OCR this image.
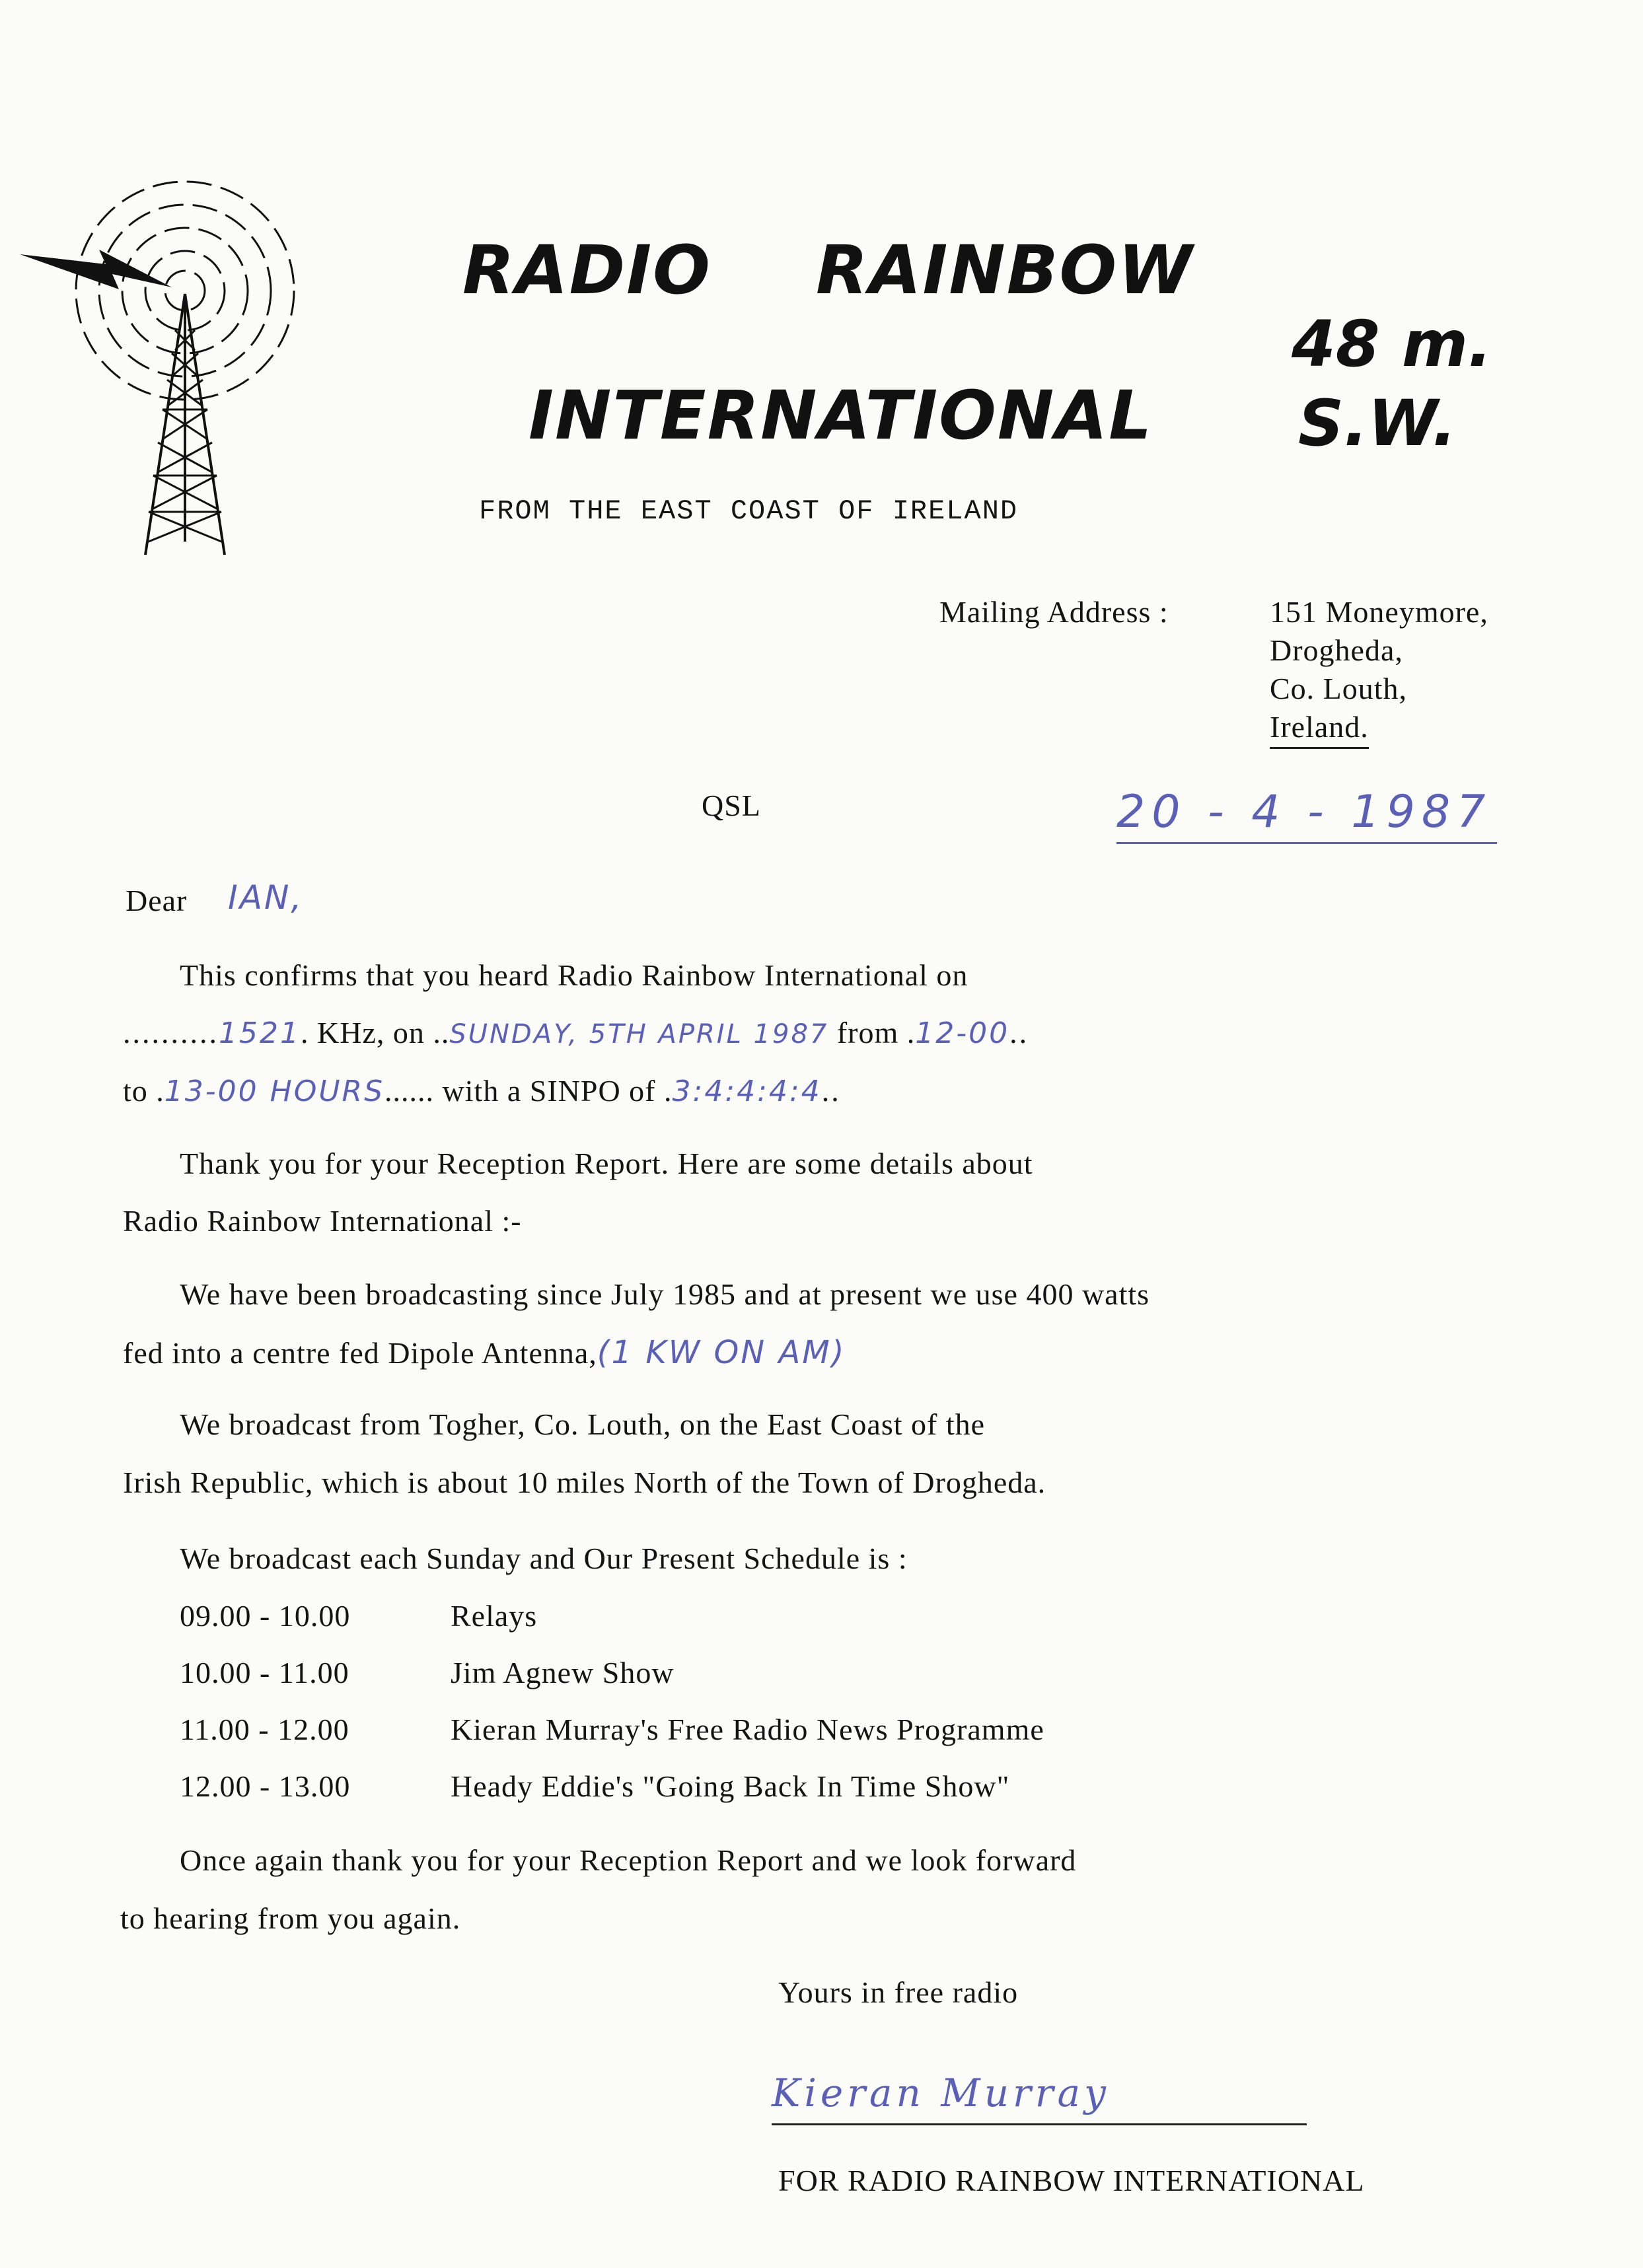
RADIO RAINBOW
INTERNATIONAL
48 m.
S.W.
FROM THE EAST COAST OF IRELAND
Mailing Address :	151 Moneymore,
Drogheda,
Co. Louth,
Ireland.
QSL	20 - 4 - 1987
Dear IAN,
This confirms that you heard Radio Rainbow International on
..........1521. KHz, on ..SUNDAY, 5TH APRIL 1987 from .12-00..
to .13-00 HOURS...... with a SINPO of .3:4:4:4:4..
Thank you for your Reception Report. Here are some details about
Radio Rainbow International :-
We have been broadcasting since July 1985 and at present we use 400 watts
fed into a centre fed Dipole Antenna,(1 KW ON AM)
We broadcast from Togher, Co. Louth, on the East Coast of the
Irish Republic, which is about 10 miles North of the Town of Drogheda.
We broadcast each Sunday and Our Present Schedule is :
09.00 - 10.00	Relays
10.00 - 11.00	Jim Agnew Show
11.00 - 12.00	Kieran Murray's Free Radio News Programme
12.00 - 13.00	Heady Eddie's "Going Back In Time Show"
Once again thank you for your Reception Report and we look forward
to hearing from you again.
Yours in free radio
Kieran Murray
FOR RADIO RAINBOW INTERNATIONAL
